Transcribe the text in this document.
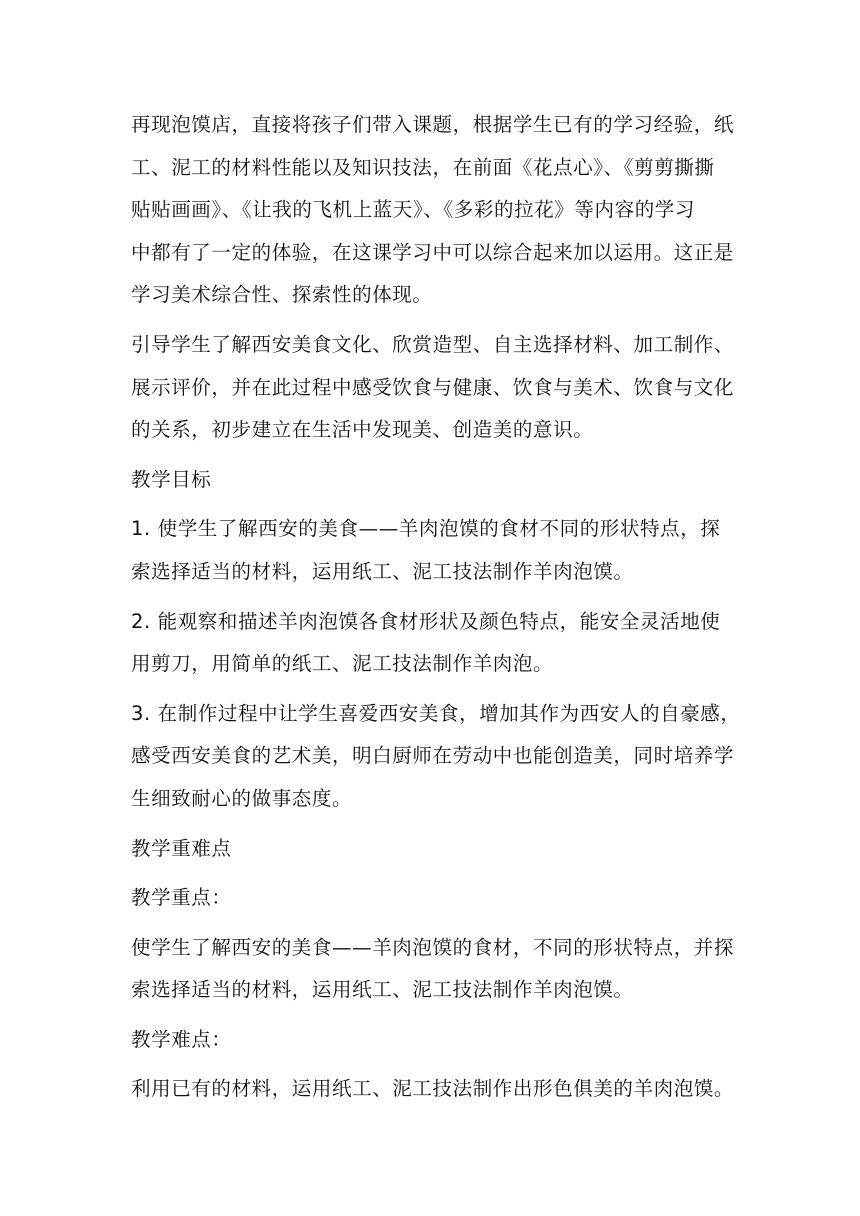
再现泡馍店，直接将孩子们带入课题，根据学生已有的学习经验，纸
工、泥工的材料性能以及知识技法，在前面《花点心》、《剪剪撕撕
贴贴画画》、《让我的飞机上蓝天》、《多彩的拉花》等内容的学习
中都有了一定的体验，在这课学习中可以综合起来加以运用。这正是
学习美术综合性、探索性的体现。
引导学生了解西安美食文化、欣赏造型、自主选择材料、加工制作、
展示评价，并在此过程中感受饮食与健康、饮食与美术、饮食与文化
的关系，初步建立在生活中发现美、创造美的意识。
教学目标
1. 使学生了解西安的美食——羊肉泡馍的食材不同的形状特点，探
索选择适当的材料，运用纸工、泥工技法制作羊肉泡馍。
2. 能观察和描述羊肉泡馍各食材形状及颜色特点，能安全灵活地使
用剪刀，用简单的纸工、泥工技法制作羊肉泡。
3. 在制作过程中让学生喜爱西安美食，增加其作为西安人的自豪感，
感受西安美食的艺术美，明白厨师在劳动中也能创造美，同时培养学
生细致耐心的做事态度。
教学重难点
教学重点：
使学生了解西安的美食——羊肉泡馍的食材，不同的形状特点，并探
索选择适当的材料，运用纸工、泥工技法制作羊肉泡馍。
教学难点：
利用已有的材料，运用纸工、泥工技法制作出形色俱美的羊肉泡馍。
